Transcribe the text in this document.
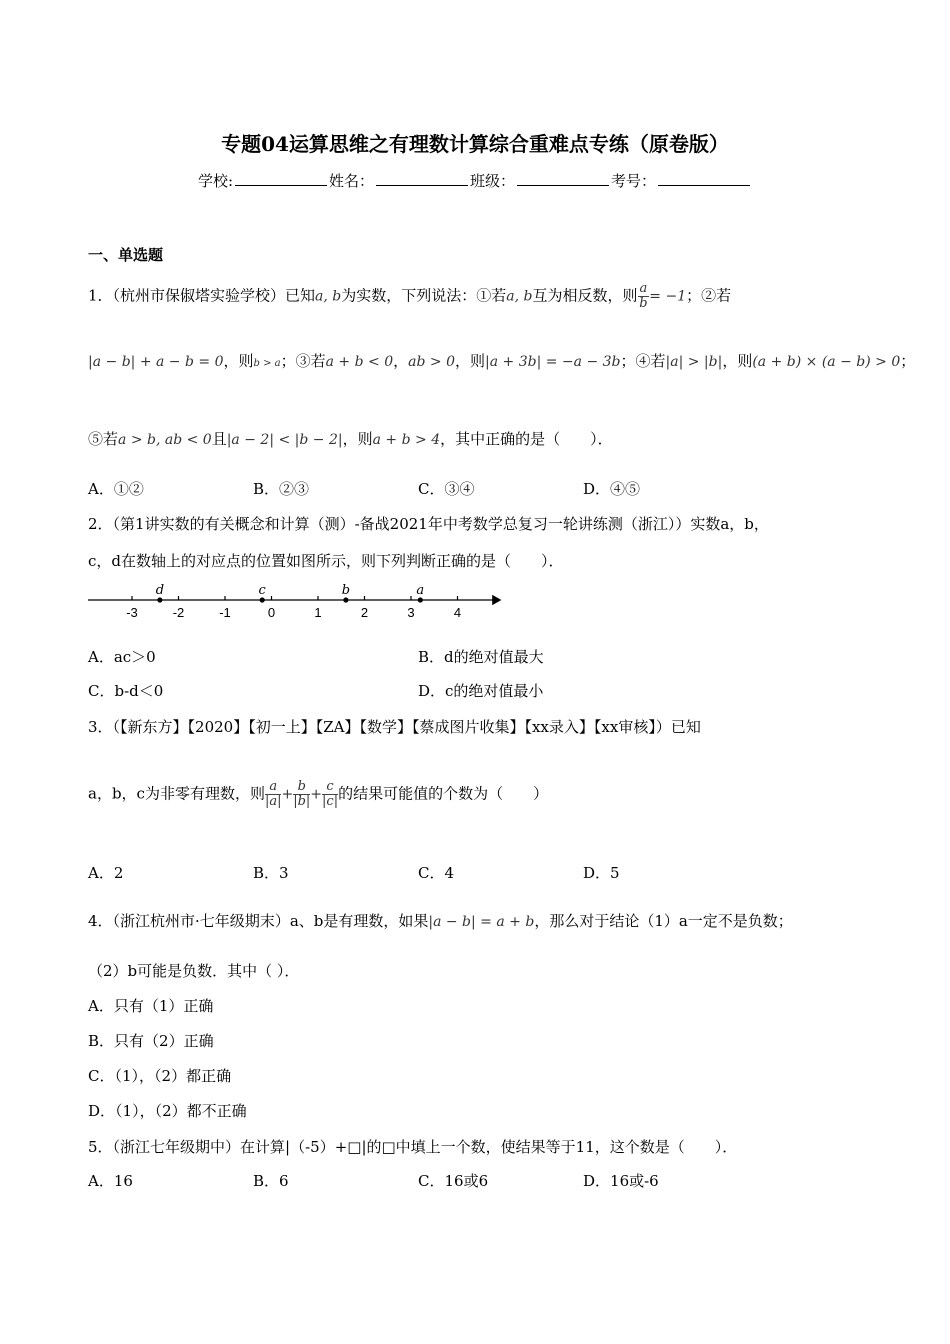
专题04运算思维之有理数计算综合重难点专练（原卷版）
学校:	姓名：	班级：	考号：
一、单选题
1．（杭州市保俶塔实验学校）已知a, b为实数，下列说法：①若a, b互为相反数，则 $\frac{a}{b} = -1$；②若
|a − b| + a − b = 0，则b > a；③若a + b < 0，ab > 0，则|a + 3b| = −a − 3b；④若|a| > |b|，则(a + b) × (a − b) > 0；
⑤若a > b, ab < 0且|a − 2| < |b − 2|，则a + b > 4，其中正确的是（　　）．
A．①②	B．②③	C．③④	D．④⑤
2．（第1讲实数的有关概念和计算（测）-备战2021年中考数学总复习一轮讲练测（浙江））实数a，b，
c，d在数轴上的对应点的位置如图所示，则下列判断正确的是（　　）．
-3	-2	-1	0	1	2	3	4
d	c	b	a
A．ac＞0	B．d的绝对值最大
C．b-d＜0	D．c的绝对值最小
3．（【新东方】【2020】【初一上】【ZA】【数学】【蔡成图片收集】【xx录入】【xx审核】）已知
a，b，c为非零有理数，则 $\frac{a}{|a|} + \frac{b}{|b|} + \frac{c}{|c|}$ 的结果可能值的个数为（　　）
A．2	B．3	C．4	D．5
4．（浙江杭州市·七年级期末）a、b是有理数，如果|a − b| = a + b，那么对于结论（1）a一定不是负数；
（2）b可能是负数．其中（ ）．
A．只有（1）正确
B．只有（2）正确
C．（1），（2）都正确
D．（1），（2）都不正确
5．（浙江七年级期中）在计算|（-5）+□|的□中填上一个数，使结果等于11，这个数是（　　）．
A．16	B．6	C．16或6	D．16或-6
